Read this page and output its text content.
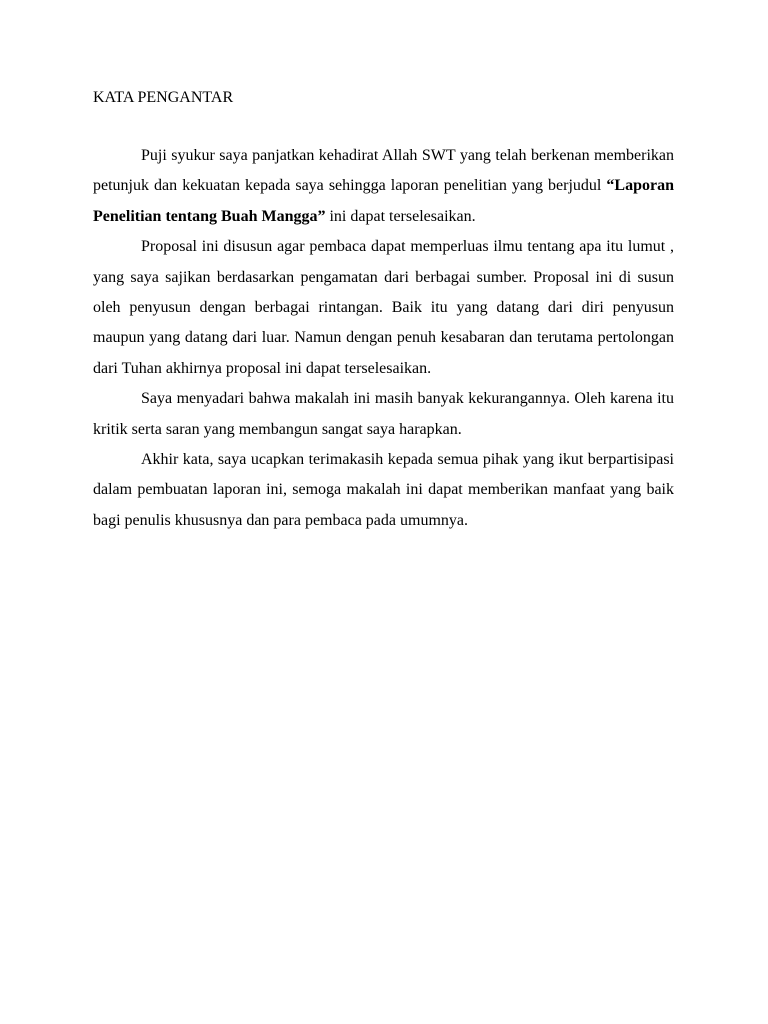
KATA PENGANTAR

Puji syukur saya panjatkan kehadirat Allah SWT yang telah berkenan memberikan petunjuk dan kekuatan kepada saya sehingga laporan penelitian yang berjudul “Laporan Penelitian tentang Buah Mangga” ini dapat terselesaikan.

Proposal ini disusun agar pembaca dapat memperluas ilmu tentang apa itu lumut , yang saya sajikan berdasarkan pengamatan dari berbagai sumber. Proposal ini di susun oleh penyusun dengan berbagai rintangan. Baik itu yang datang dari diri penyusun maupun yang datang dari luar. Namun dengan penuh kesabaran dan terutama pertolongan dari Tuhan akhirnya proposal ini dapat terselesaikan.

Saya menyadari bahwa makalah ini masih banyak kekurangannya. Oleh karena itu kritik serta saran yang membangun sangat saya harapkan.

Akhir kata, saya ucapkan terimakasih kepada semua pihak yang ikut berpartisipasi dalam pembuatan laporan ini, semoga makalah ini dapat memberikan manfaat yang baik bagi penulis khususnya dan para pembaca pada umumnya.
